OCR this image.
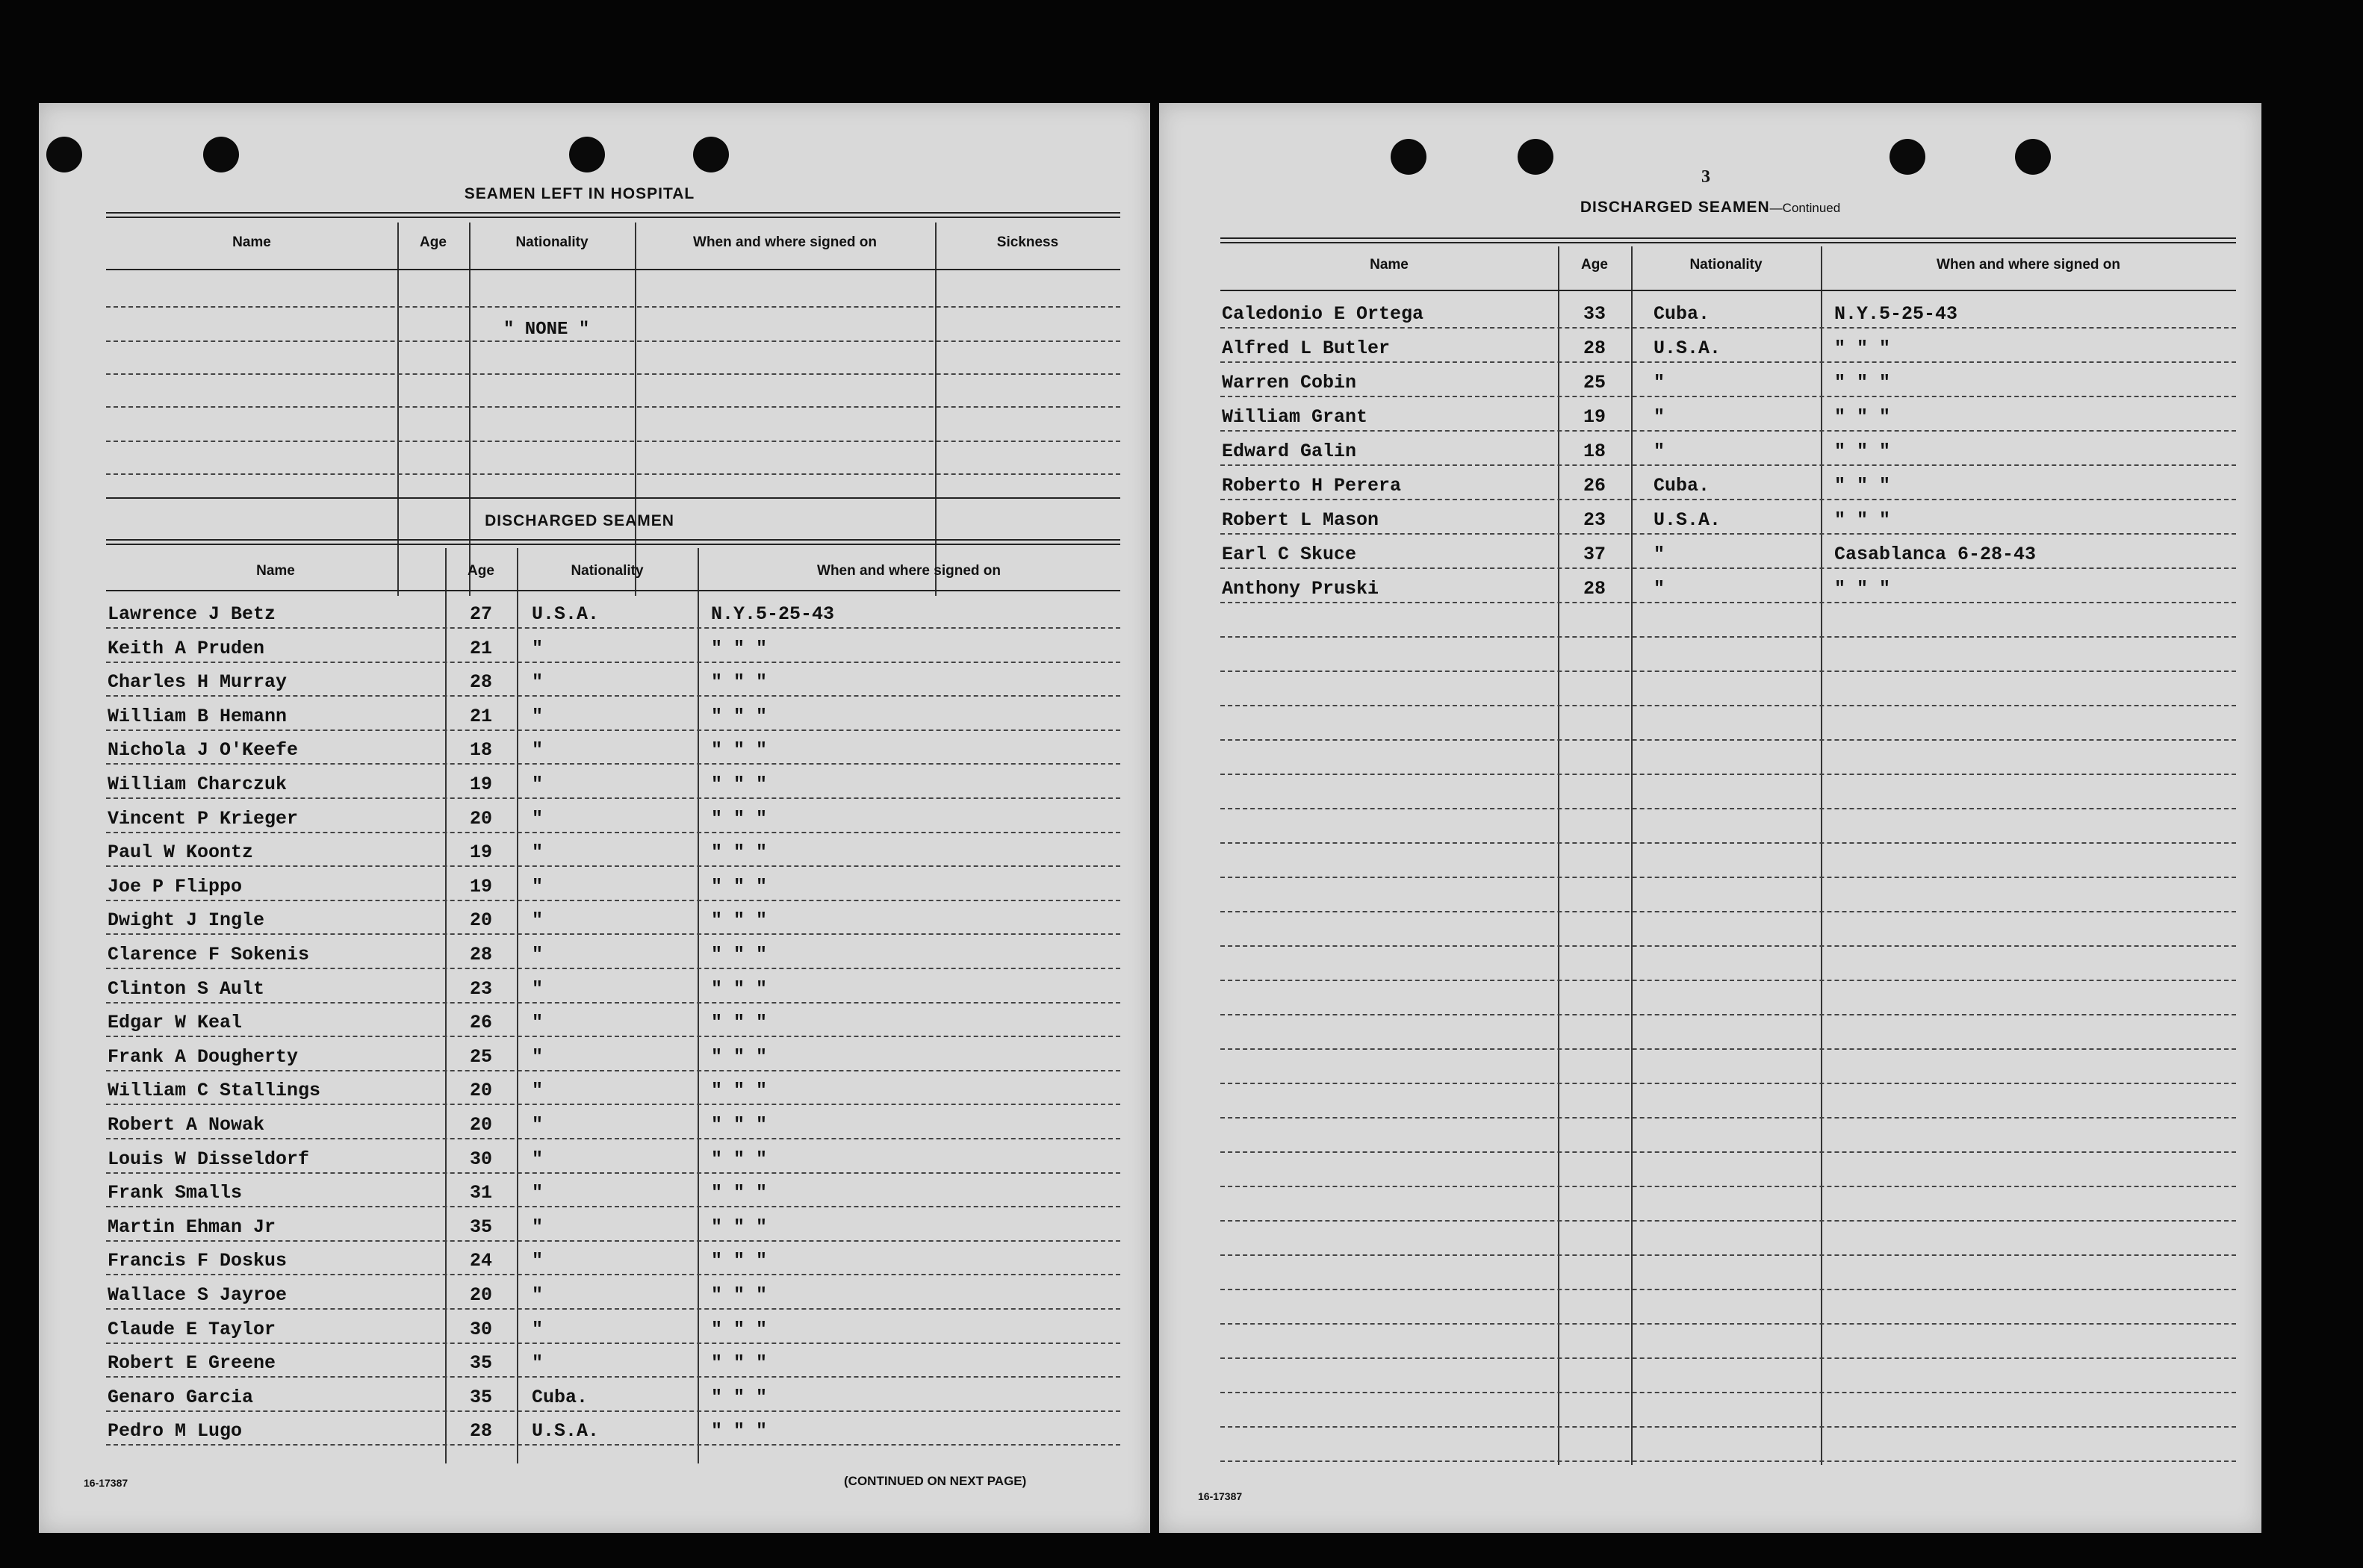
SEAMEN LEFT IN HOSPITAL
Name	Age	Nationality	When and where signed on	Sickness
" NONE "
DISCHARGED SEAMEN
Name	Age	Nationality	When and where signed on
Lawrence J Betz	27	U.S.A.	N.Y.5-25-43
Keith A Pruden	21	"	" " "
Charles H Murray	28	"	" " "
William B Hemann	21	"	" " "
Nichola J O'Keefe	18	"	" " "
William Charczuk	19	"	" " "
Vincent P Krieger	20	"	" " "
Paul W Koontz	19	"	" " "
Joe P Flippo	19	"	" " "
Dwight J Ingle	20	"	" " "
Clarence F Sokenis	28	"	" " "
Clinton S Ault	23	"	" " "
Edgar W Keal	26	"	" " "
Frank A Dougherty	25	"	" " "
William C Stallings	20	"	" " "
Robert A Nowak	20	"	" " "
Louis W Disseldorf	30	"	" " "
Frank Smalls	31	"	" " "
Martin Ehman Jr	35	"	" " "
Francis F Doskus	24	"	" " "
Wallace S Jayroe	20	"	" " "
Claude E Taylor	30	"	" " "
Robert E Greene	35	"	" " "
Genaro Garcia	35	Cuba.	" " "
Pedro M Lugo	28	U.S.A.	" " "
16-17387	(CONTINUED ON NEXT PAGE)
3
DISCHARGED SEAMEN—Continued
Name	Age	Nationality	When and where signed on
Caledonio E Ortega	33	Cuba.	N.Y.5-25-43
Alfred L Butler	28	U.S.A.	" " "
Warren Cobin	25	"	" " "
William Grant	19	"	" " "
Edward Galin	18	"	" " "
Roberto H Perera	26	Cuba.	" " "
Robert L Mason	23	U.S.A.	" " "
Earl C Skuce	37	"	Casablanca 6-28-43
Anthony Pruski	28	"	" " "
16-17387
